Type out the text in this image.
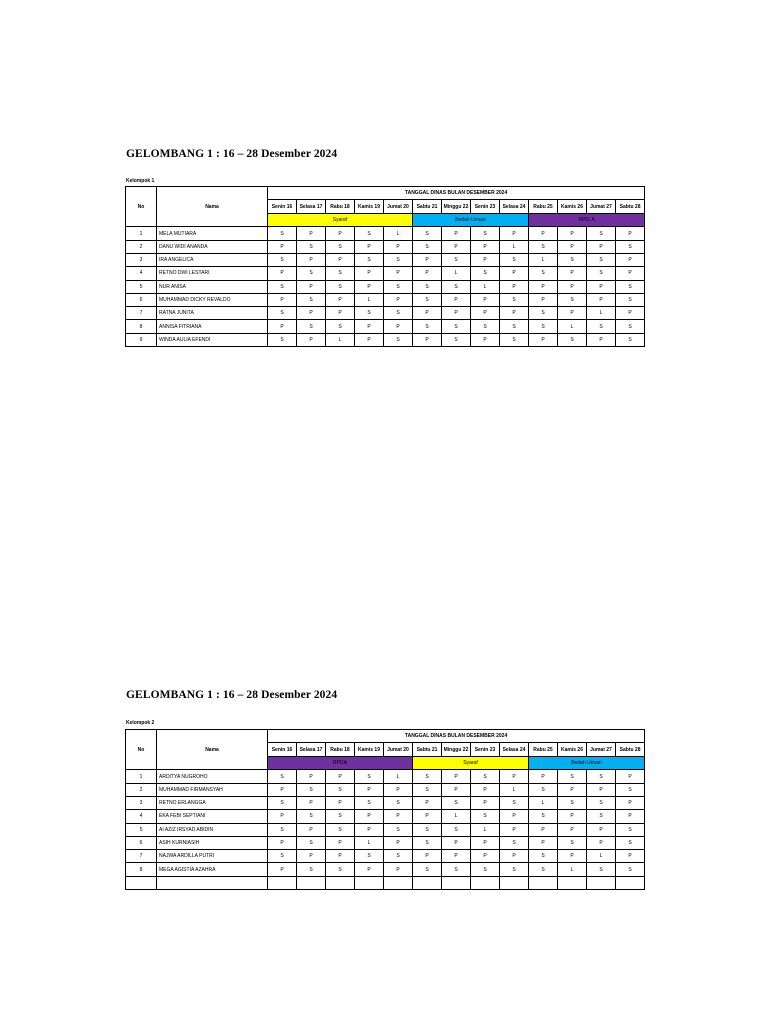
GELOMBANG 1 : 16 – 28 Desember 2024
Kelompok 1
No	Nama	TANGGAL DINAS BULAN DESEMBER 2024												
		Senin 16	Selasa 17	Rabu 18	Kamis 19	Jumat 20	Sabtu 21	Minggu 22	Senin 23	Selasa 24	Rabu 25	Kamis 26	Jumat 27	Sabtu 28
		Syaraf					Bedah Umum				RPD. A			
1	MELA MUTIARA	S	P	P	S	L	S	P	S	P	P	P	S	P
2	DANU WIDI ANANDA	P	S	S	P	P	S	P	P	L	S	P	P	S
3	IRA ANGELICA	S	P	P	S	S	P	S	P	S	L	S	S	P
4	RETNO DWI LESTARI	P	S	S	P	P	P	L	S	P	S	P	S	P
5	NUR ANISA	S	P	S	P	S	S	S	L	P	P	P	P	S
6	MUHAMMAD DICKY REVALDO	P	S	P	L	P	S	P	P	S	P	S	P	S
7	RATNA JUNITA	S	P	P	S	S	P	P	P	P	S	P	L	P
8	ANNISA FITRIANA	P	S	S	P	P	S	S	S	S	S	L	S	S
9	WINDA AULIA EFENDI	S	P	L	P	S	P	S	P	S	P	S	P	S
GELOMBANG 1 : 16 – 28 Desember 2024
Kelompok 2
No	Nama	TANGGAL DINAS BULAN DESEMBER 2024												
		Senin 16	Selasa 17	Rabu 18	Kamis 19	Jumat 20	Sabtu 21	Minggu 22	Senin 23	Selasa 24	Rabu 25	Kamis 26	Jumat 27	Sabtu 28
		RPDA					Syaraf				Bedah Umum			
1	ARDITYA NUGROHO	S	P	P	S	L	S	P	S	P	P	S	S	P
2	MUHAMMAD FIRMANSYAH	P	S	S	P	P	S	P	P	L	S	P	P	S
3	RETNO ERLANGGA	S	P	P	S	S	P	S	P	S	L	S	S	P
4	EKA FEBI SEPTIANI	P	S	S	P	P	P	L	S	P	S	P	S	P
5	AI AZIZ IRSYAD ABIDIN	S	P	S	P	S	S	S	L	P	P	P	P	S
6	ASIH KURNIASIH	P	S	P	L	P	S	P	P	S	P	S	P	S
7	NAJWA ARDILLA PUTRI	S	P	P	S	S	P	P	P	P	S	P	L	P
8	MEGA AGISTIA AZAHRA	P	S	S	P	P	S	S	S	S	S	L	S	S
